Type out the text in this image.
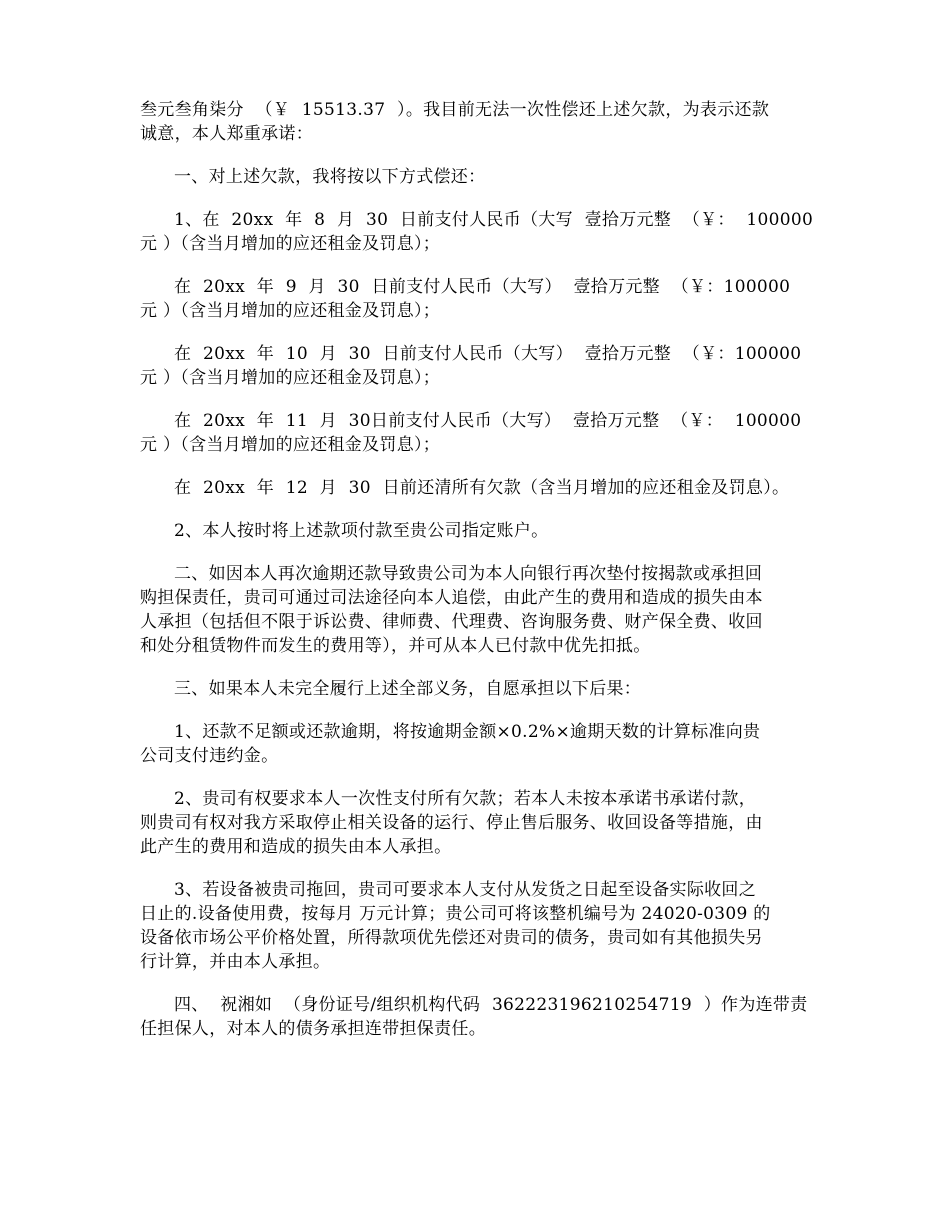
叁元叁角柒分 （￥ 15513.37 ）。我目前无法一次性偿还上述欠款，为表示还款
诚意，本人郑重承诺：
一、对上述欠款，我将按以下方式偿还：
1、在 20xx 年 8 月 30 日前支付人民币（大写 壹拾万元整 （￥： 100000
元 ）（含当月增加的应还租金及罚息）；
在 20xx 年 9 月 30 日前支付人民币（大写） 壹拾万元整 （￥：100000
元 ）（含当月增加的应还租金及罚息）；
在 20xx 年 10 月 30 日前支付人民币（大写） 壹拾万元整 （￥：100000
元 ）（含当月增加的应还租金及罚息）；
在 20xx 年 11 月 30日前支付人民币（大写） 壹拾万元整 （￥： 100000
元 ）（含当月增加的应还租金及罚息）；
在 20xx 年 12 月 30 日前还清所有欠款（含当月增加的应还租金及罚息）。
2、本人按时将上述款项付款至贵公司指定账户。
二、如因本人再次逾期还款导致贵公司为本人向银行再次垫付按揭款或承担回
购担保责任，贵司可通过司法途径向本人追偿，由此产生的费用和造成的损失由本
人承担（包括但不限于诉讼费、律师费、代理费、咨询服务费、财产保全费、收回
和处分租赁物件而发生的费用等），并可从本人已付款中优先扣抵。
三、如果本人未完全履行上述全部义务，自愿承担以下后果：
1、还款不足额或还款逾期，将按逾期金额×0.2%×逾期天数的计算标准向贵
公司支付违约金。
2、贵司有权要求本人一次性支付所有欠款；若本人未按本承诺书承诺付款，
则贵司有权对我方采取停止相关设备的运行、停止售后服务、收回设备等措施，由
此产生的费用和造成的损失由本人承担。
3、若设备被贵司拖回，贵司可要求本人支付从发货之日起至设备实际收回之
日止的.设备使用费，按每月 万元计算；贵公司可将该整机编号为 24020-0309 的
设备依市场公平价格处置，所得款项优先偿还对贵司的债务，贵司如有其他损失另
行计算，并由本人承担。
四、 祝湘如 （身份证号/组织机构代码 362223196210254719 ）作为连带责
任担保人，对本人的债务承担连带担保责任。
